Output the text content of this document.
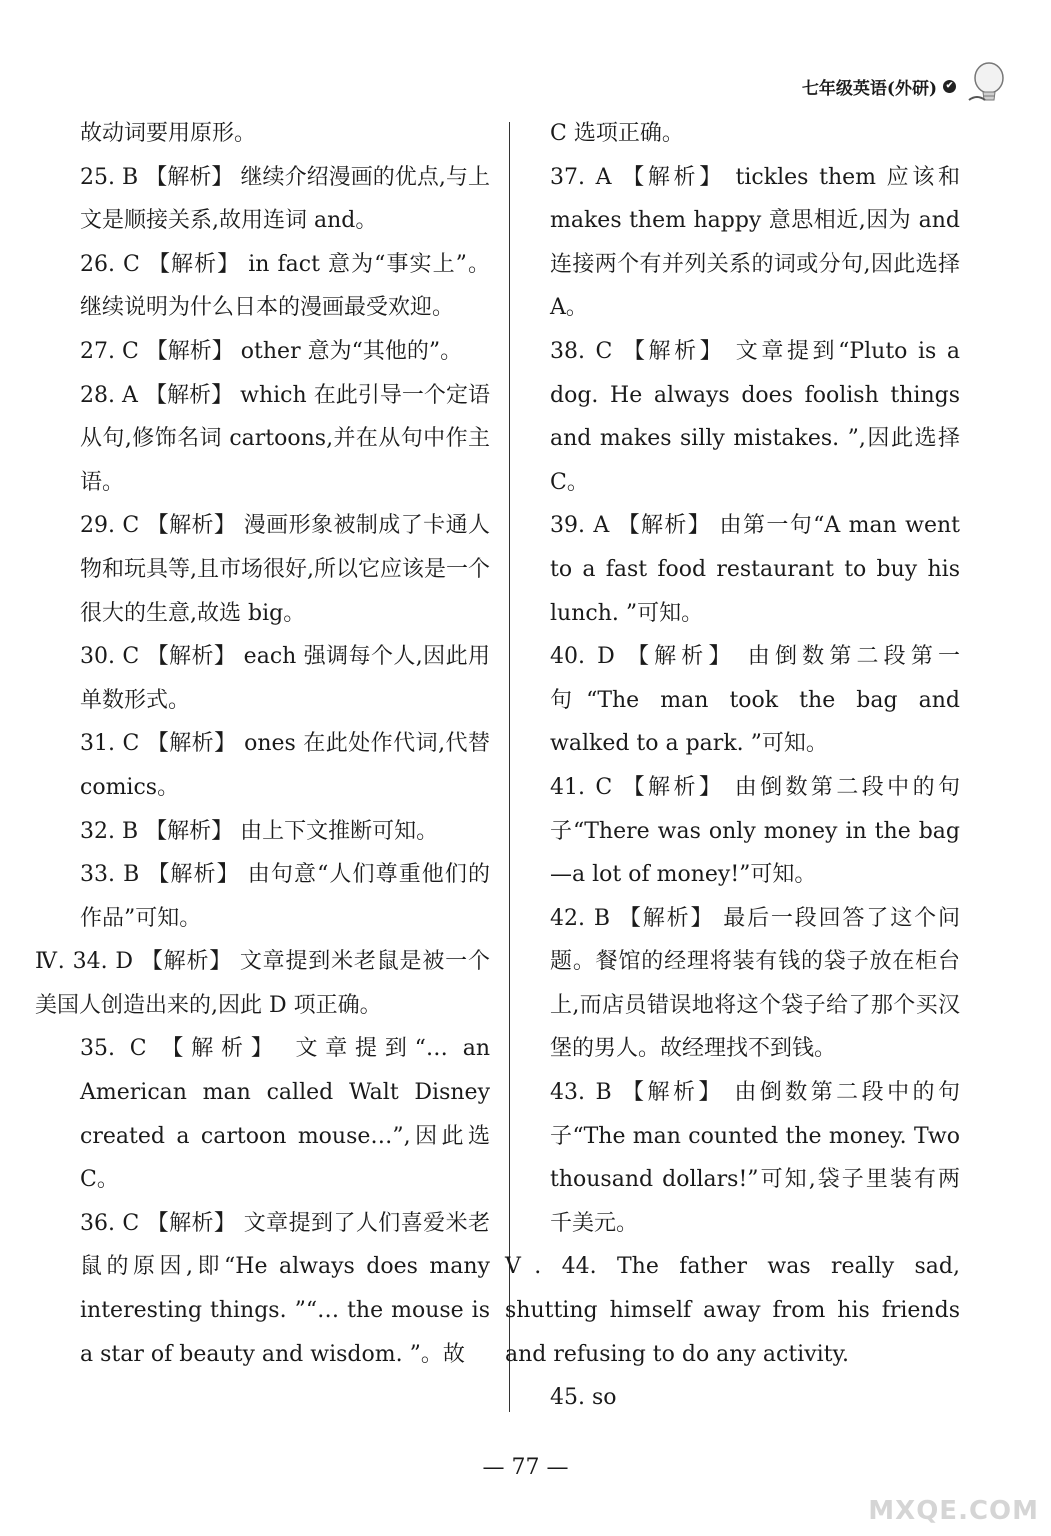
七年级英语(外研) ✔
故动词要用原形。
25. B 【解析】 继续介绍漫画的优点,与上文是顺接关系,故用连词 and。
26. C 【解析】 in fact 意为“事实上”。继续说明为什么日本的漫画最受欢迎。
27. C 【解析】 other 意为“其他的”。
28. A 【解析】 which 在此引导一个定语从句,修饰名词 cartoons,并在从句中作主语。
29. C 【解析】 漫画形象被制成了卡通人物和玩具等,且市场很好,所以它应该是一个很大的生意,故选 big。
30. C 【解析】 each 强调每个人,因此用单数形式。
31. C 【解析】 ones 在此处作代词,代替 comics。
32. B 【解析】 由上下文推断可知。
33. B 【解析】 由句意“人们尊重他们的作品”可知。
Ⅳ. 34. D 【解析】 文章提到米老鼠是被一个美国人创造出来的,因此 D 项正确。
35. C 【解析】 文章提到“… an American man called Walt Disney created a cartoon mouse…”,因此选 C。
36. C 【解析】 文章提到了人们喜爱米老鼠的原因,即“He always does many interesting things. ”“… the mouse is a star of beauty and wisdom. ”。故
C 选项正确。
37. A 【解析】 tickles them 应该和 makes them happy 意思相近,因为 and 连接两个有并列关系的词或分句,因此选择 A。
38. C 【解析】 文章提到“Pluto is a dog. He always does foolish things and makes silly mistakes. ”,因此选择 C。
39. A 【解析】 由第一句“A man went to a fast food restaurant to buy his lunch. ”可知。
40. D 【解析】 由倒数第二段第一句“The man took the bag and walked to a park. ”可知。
41. C 【解析】 由倒数第二段中的句子“There was only money in the bag—a lot of money!”可知。
42. B 【解析】 最后一段回答了这个问题。餐馆的经理将装有钱的袋子放在柜台上,而店员错误地将这个袋子给了那个买汉堡的男人。故经理找不到钱。
43. B 【解析】 由倒数第二段中的句子“The man counted the money. Two thousand dollars!”可知,袋子里装有两千美元。
Ⅴ. 44. The father was really sad, shutting himself away from his friends and refusing to do any activity.
45. so
— 77 —
MXQE.COM
